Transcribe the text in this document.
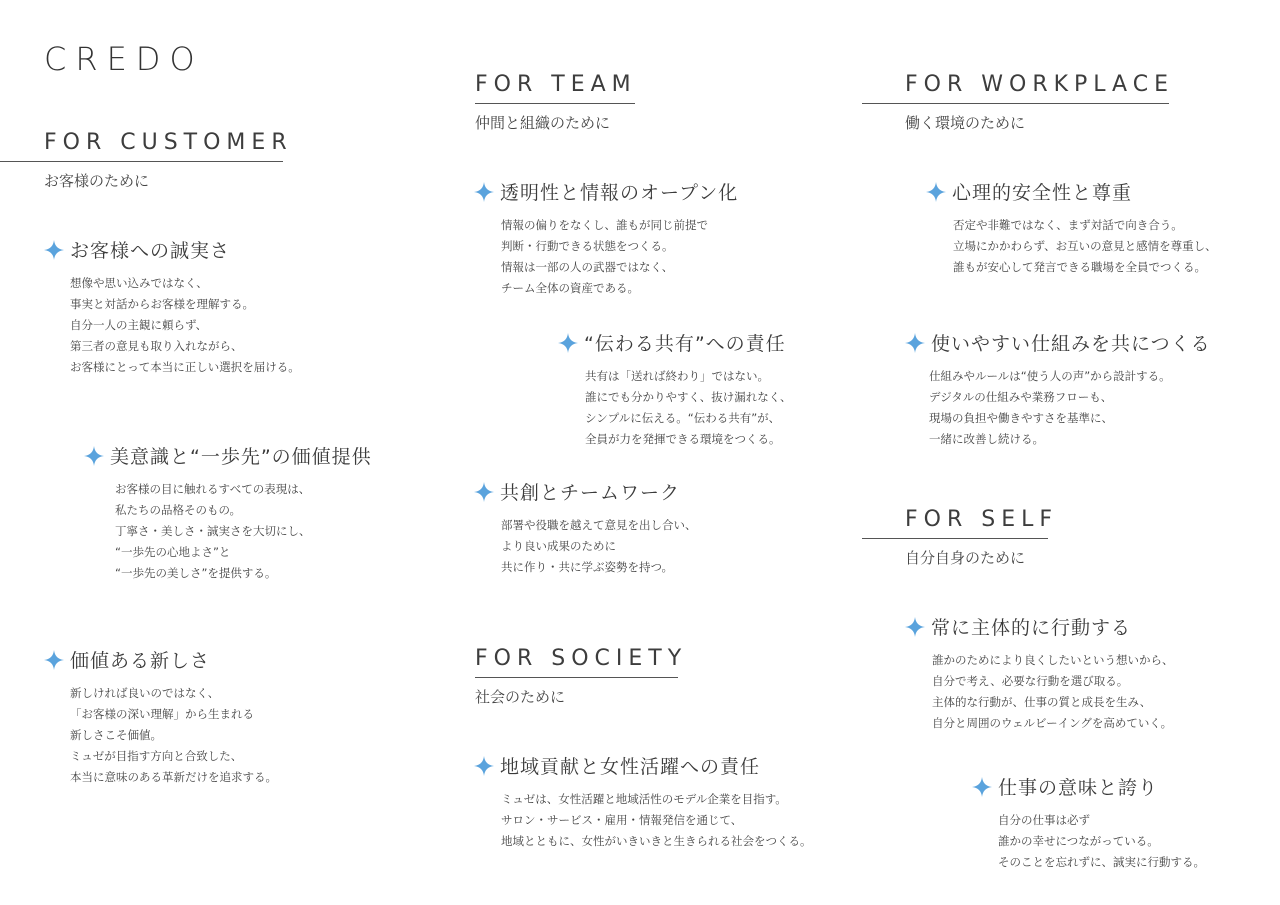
CREDO
FOR CUSTOMER
お客様のために
お客様への誠実さ
想像や思い込みではなく、
事実と対話からお客様を理解する。
自分一人の主観に頼らず、
第三者の意見も取り入れながら、
お客様にとって本当に正しい選択を届ける。
美意識と“一歩先”の価値提供
お客様の目に触れるすべての表現は、
私たちの品格そのもの。
丁寧さ・美しさ・誠実さを大切にし、
“一歩先の心地よさ”と
“一歩先の美しさ”を提供する。
価値ある新しさ
新しければ良いのではなく、
「お客様の深い理解」から生まれる
新しさこそ価値。
ミュゼが目指す方向と合致した、
本当に意味のある革新だけを追求する。
FOR TEAM
仲間と組織のために
透明性と情報のオープン化
情報の偏りをなくし、誰もが同じ前提で
判断・行動できる状態をつくる。
情報は一部の人の武器ではなく、
チーム全体の資産である。
“伝わる共有”への責任
共有は「送れば終わり」ではない。
誰にでも分かりやすく、抜け漏れなく、
シンプルに伝える。“伝わる共有”が、
全員が力を発揮できる環境をつくる。
共創とチームワーク
部署や役職を越えて意見を出し合い、
より良い成果のために
共に作り・共に学ぶ姿勢を持つ。
FOR SOCIETY
社会のために
地域貢献と女性活躍への責任
ミュゼは、女性活躍と地域活性のモデル企業を目指す。
サロン・サービス・雇用・情報発信を通じて、
地域とともに、女性がいきいきと生きられる社会をつくる。
FOR WORKPLACE
働く環境のために
心理的安全性と尊重
否定や非難ではなく、まず対話で向き合う。
立場にかかわらず、お互いの意見と感情を尊重し、
誰もが安心して発言できる職場を全員でつくる。
使いやすい仕組みを共につくる
仕組みやルールは“使う人の声”から設計する。
デジタルの仕組みや業務フローも、
現場の負担や働きやすさを基準に、
一緒に改善し続ける。
FOR SELF
自分自身のために
常に主体的に行動する
誰かのためにより良くしたいという想いから、
自分で考え、必要な行動を選び取る。
主体的な行動が、仕事の質と成長を生み、
自分と周囲のウェルビーイングを高めていく。
仕事の意味と誇り
自分の仕事は必ず
誰かの幸せにつながっている。
そのことを忘れずに、誠実に行動する。
